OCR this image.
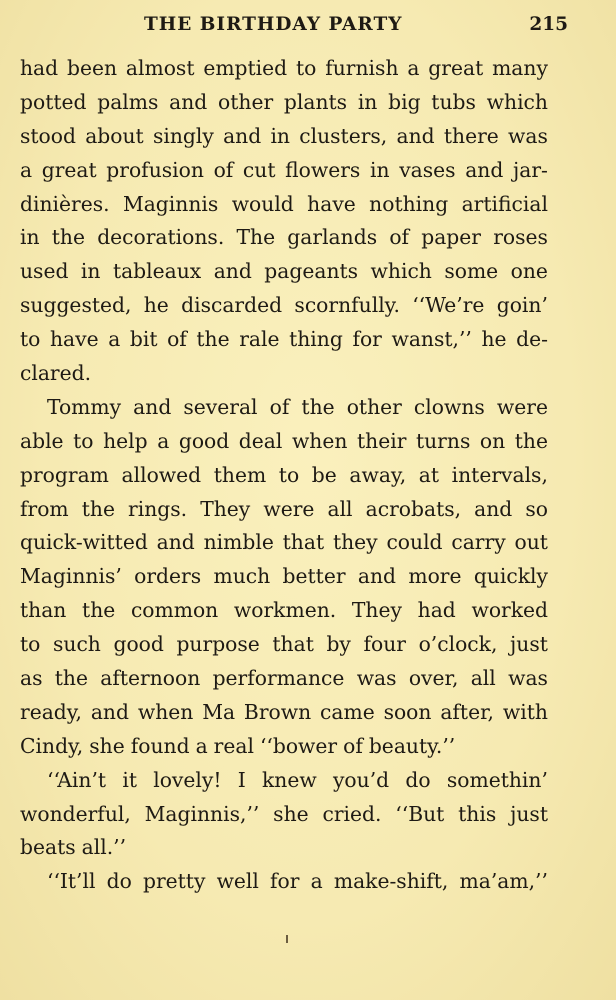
THE BIRTHDAY PARTY	215
had been almost emptied to furnish a great many
potted palms and other plants in big tubs which
stood about singly and in clusters, and there was
a great profusion of cut flowers in vases and jar-
dinières. Maginnis would have nothing artificial
in the decorations. The garlands of paper roses
used in tableaux and pageants which some one
suggested, he discarded scornfully. ‘‘We’re goin’
to have a bit of the rale thing for wanst,’’ he de-
clared.
Tommy and several of the other clowns were
able to help a good deal when their turns on the
program allowed them to be away, at intervals,
from the rings. They were all acrobats, and so
quick-witted and nimble that they could carry out
Maginnis’ orders much better and more quickly
than the common workmen. They had worked
to such good purpose that by four o’clock, just
as the afternoon performance was over, all was
ready, and when Ma Brown came soon after, with
Cindy, she found a real ‘‘bower of beauty.’’
‘‘Ain’t it lovely! I knew you’d do somethin’
wonderful, Maginnis,’’ she cried. ‘‘But this just
beats all.’’
‘‘It’ll do pretty well for a make-shift, ma’am,’’
